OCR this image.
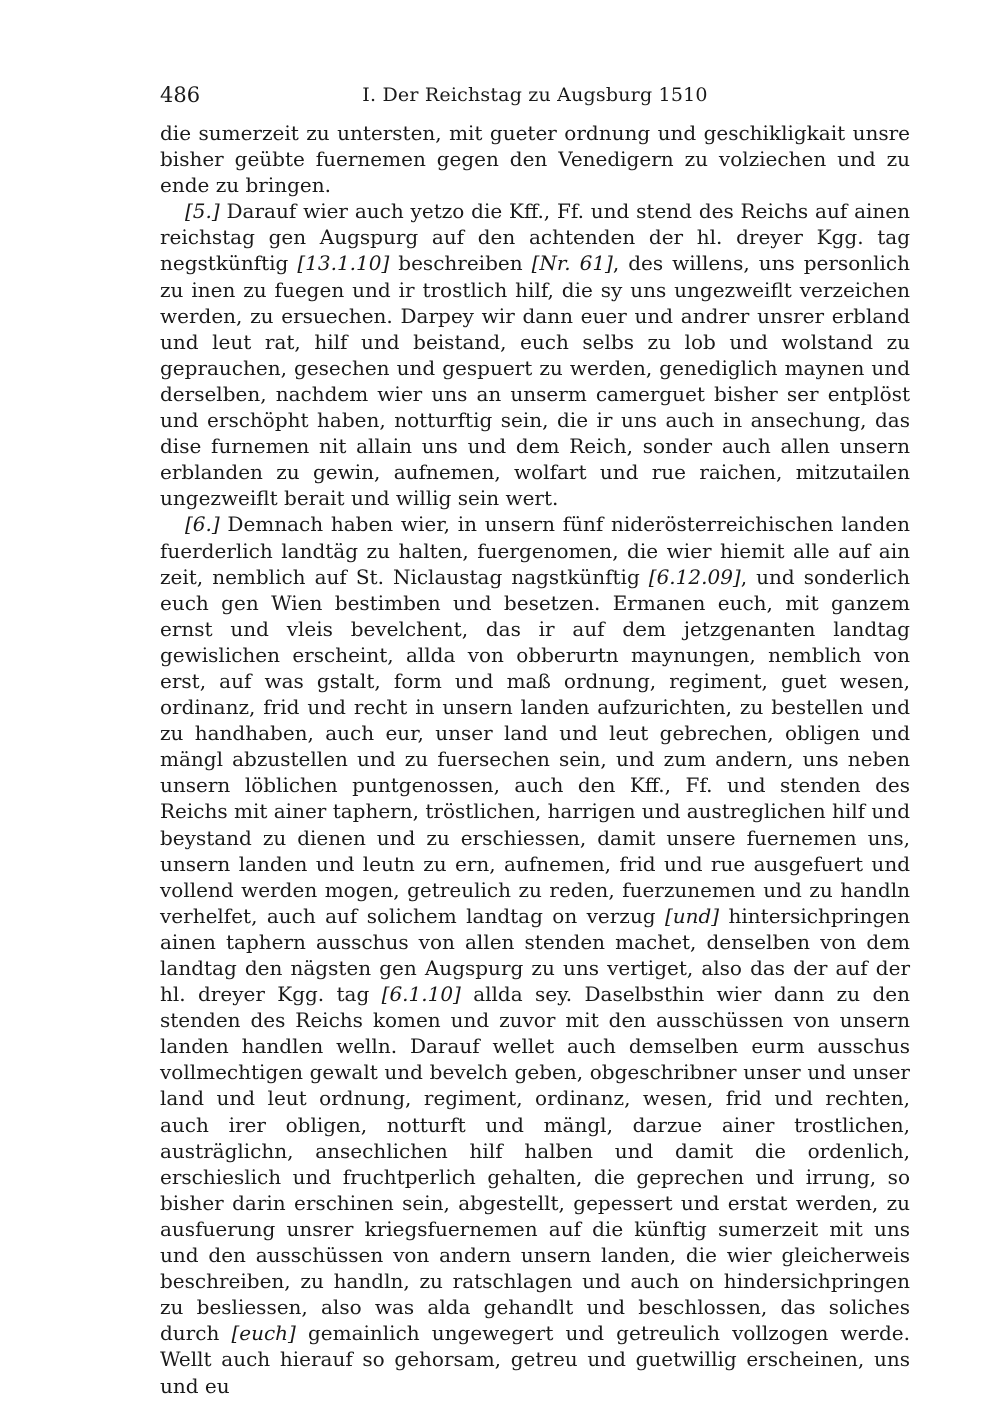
486	I. Der Reichstag zu Augsburg 1510

die sumerzeit zu untersten, mit gueter ordnung und geschikligkait unsre bisher geübte fuernemen gegen den Venedigern zu volziechen und zu ende zu bringen.

[5.] Darauf wier auch yetzo die Kff., Ff. und stend des Reichs auf ainen reichstag gen Augspurg auf den achtenden der hl. dreyer Kgg. tag negstkünftig [13.1.10] beschreiben [Nr. 61], des willens, uns personlich zu inen zu fuegen und ir trostlich hilf, die sy uns ungezweiflt verzeichen werden, zu ersuechen. Darpey wir dann euer und andrer unsrer erbland und leut rat, hilf und beistand, euch selbs zu lob und wolstand zu geprauchen, gesechen und gespuert zu werden, genediglich maynen und derselben, nachdem wier uns an unserm camerguet bisher ser entplöst und erschöpht haben, notturftig sein, die ir uns auch in ansechung, das dise furnemen nit allain uns und dem Reich, sonder auch allen unsern erblanden zu gewin, aufnemen, wolfart und rue raichen, mitzutailen ungezweiflt berait und willig sein wert.

[6.] Demnach haben wier, in unsern fünf niderösterreichischen landen fuerderlich landtäg zu halten, fuergenomen, die wier hiemit alle auf ain zeit, nemblich auf St. Niclaustag nagstkünftig [6.12.09], und sonderlich euch gen Wien bestimben und besetzen. Ermanen euch, mit ganzem ernst und vleis bevelchent, das ir auf dem jetzgenanten landtag gewislichen erscheint, allda von obberurtn maynungen, nemblich von erst, auf was gstalt, form und maß ordnung, regiment, guet wesen, ordinanz, frid und recht in unsern landen aufzurichten, zu bestellen und zu handhaben, auch eur, unser land und leut gebrechen, obligen und mängl abzustellen und zu fuersechen sein, und zum andern, uns neben unsern löblichen puntgenossen, auch den Kff., Ff. und stenden des Reichs mit ainer taphern, tröstlichen, harrigen und austreglichen hilf und beystand zu dienen und zu erschiessen, damit unsere fuernemen uns, unsern landen und leutn zu ern, aufnemen, frid und rue ausgefuert und vollend werden mogen, getreulich zu reden, fuerzunemen und zu handln verhelfet, auch auf solichem landtag on verzug [und] hintersichpringen ainen taphern ausschus von allen stenden machet, denselben von dem landtag den nägsten gen Augspurg zu uns vertiget, also das der auf der hl. dreyer Kgg. tag [6.1.10] allda sey. Daselbsthin wier dann zu den stenden des Reichs komen und zuvor mit den ausschüssen von unsern landen handlen welln. Darauf wellet auch demselben eurm ausschus vollmechtigen gewalt und bevelch geben, obgeschribner unser und unser land und leut ordnung, regiment, ordinanz, wesen, frid und rechten, auch irer obligen, notturft und mängl, darzue ainer trostlichen, austräglichn, ansechlichen hilf halben und damit die ordenlich, erschieslich und fruchtperlich gehalten, die geprechen und irrung, so bisher darin erschinen sein, abgestellt, gepessert und erstat werden, zu ausfuerung unsrer kriegsfuernemen auf die künftig sumerzeit mit uns und den ausschüssen von andern unsern landen, die wier gleicherweis beschreiben, zu handln, zu ratschlagen und auch on hindersichpringen zu besliessen, also was alda gehandlt und beschlossen, das soliches durch [euch] gemainlich ungewegert und getreulich vollzogen werde. Wellt auch hierauf so gehorsam, getreu und guetwillig erscheinen, uns und eu
